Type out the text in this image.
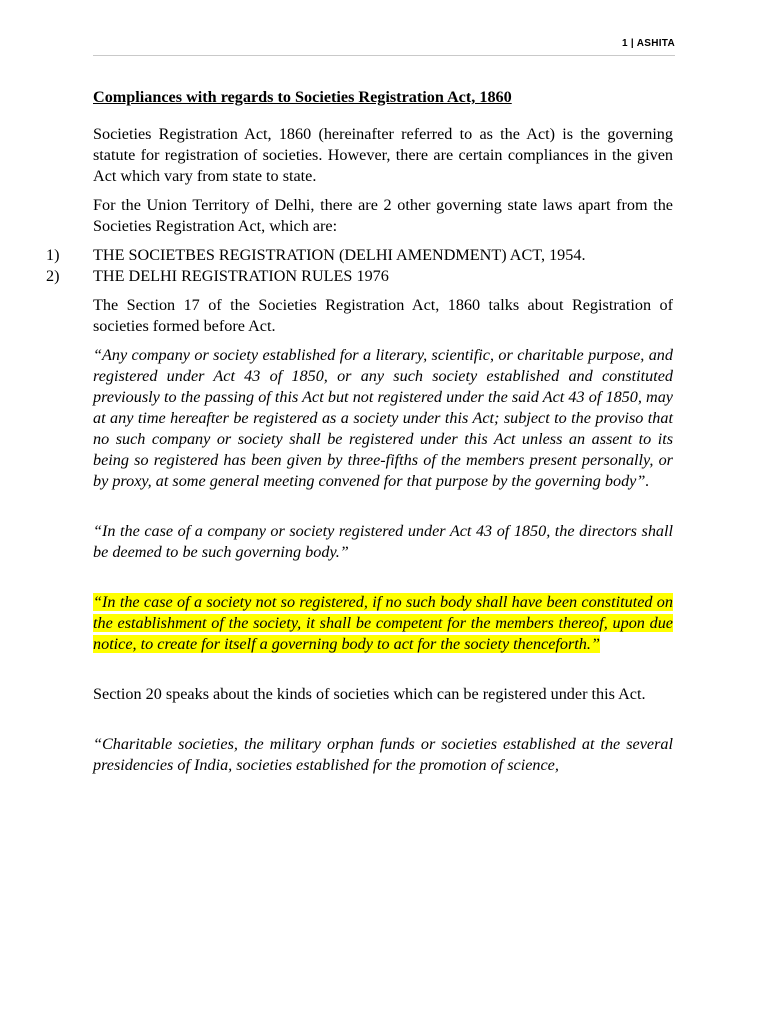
1 | ASHITA
Compliances with regards to Societies Registration Act, 1860

Societies Registration Act, 1860 (hereinafter referred to as the Act) is the governing statute for registration of societies. However, there are certain compliances in the given Act which vary from state to state.

For the Union Territory of Delhi, there are 2 other governing state laws apart from the Societies Registration Act, which are:

1)	THE SOCIETBES REGISTRATION (DELHI AMENDMENT) ACT, 1954.
2)	THE DELHI REGISTRATION RULES 1976

The Section 17 of the Societies Registration Act, 1860 talks about Registration of societies formed before Act.

“Any company or society established for a literary, scientific, or charitable purpose, and registered under Act 43 of 1850, or any such society established and constituted previously to the passing of this Act but not registered under the said Act 43 of 1850, may at any time hereafter be registered as a society under this Act; subject to the proviso that no such company or society shall be registered under this Act unless an assent to its being so registered has been given by three-fifths of the members present personally, or by proxy, at some general meeting convened for that purpose by the governing body”.

“In the case of a company or society registered under Act 43 of 1850, the directors shall be deemed to be such governing body.”

“In the case of a society not so registered, if no such body shall have been constituted on the establishment of the society, it shall be competent for the members thereof, upon due notice, to create for itself a governing body to act for the society thenceforth.”

Section 20 speaks about the kinds of societies which can be registered under this Act.

“Charitable societies, the military orphan funds or societies established at the several presidencies of India, societies established for the promotion of science,
